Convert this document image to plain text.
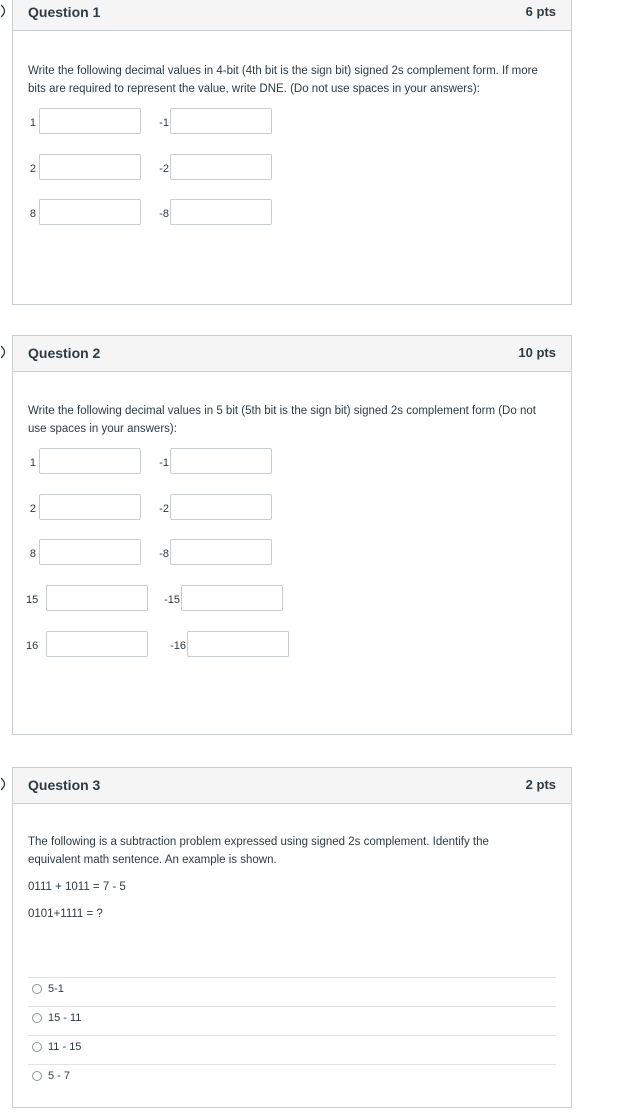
Question 1	6 pts
Write the following decimal values in 4-bit (4th bit is the sign bit) signed 2s complement form. If more bits are required to represent the value, write DNE. (Do not use spaces in your answers):
1	-1
2	-2
8	-8
Question 2	10 pts
Write the following decimal values in 5 bit (5th bit is the sign bit) signed 2s complement form (Do not use spaces in your answers):
1	-1
2	-2
8	-8
15	-15
16	-16
Question 3	2 pts
The following is a subtraction problem expressed using signed 2s complement. Identify the equivalent math sentence. An example is shown.
0111 + 1011 = 7 - 5
0101+1111 = ?
5-1
15 - 11
11 - 15
5 - 7
